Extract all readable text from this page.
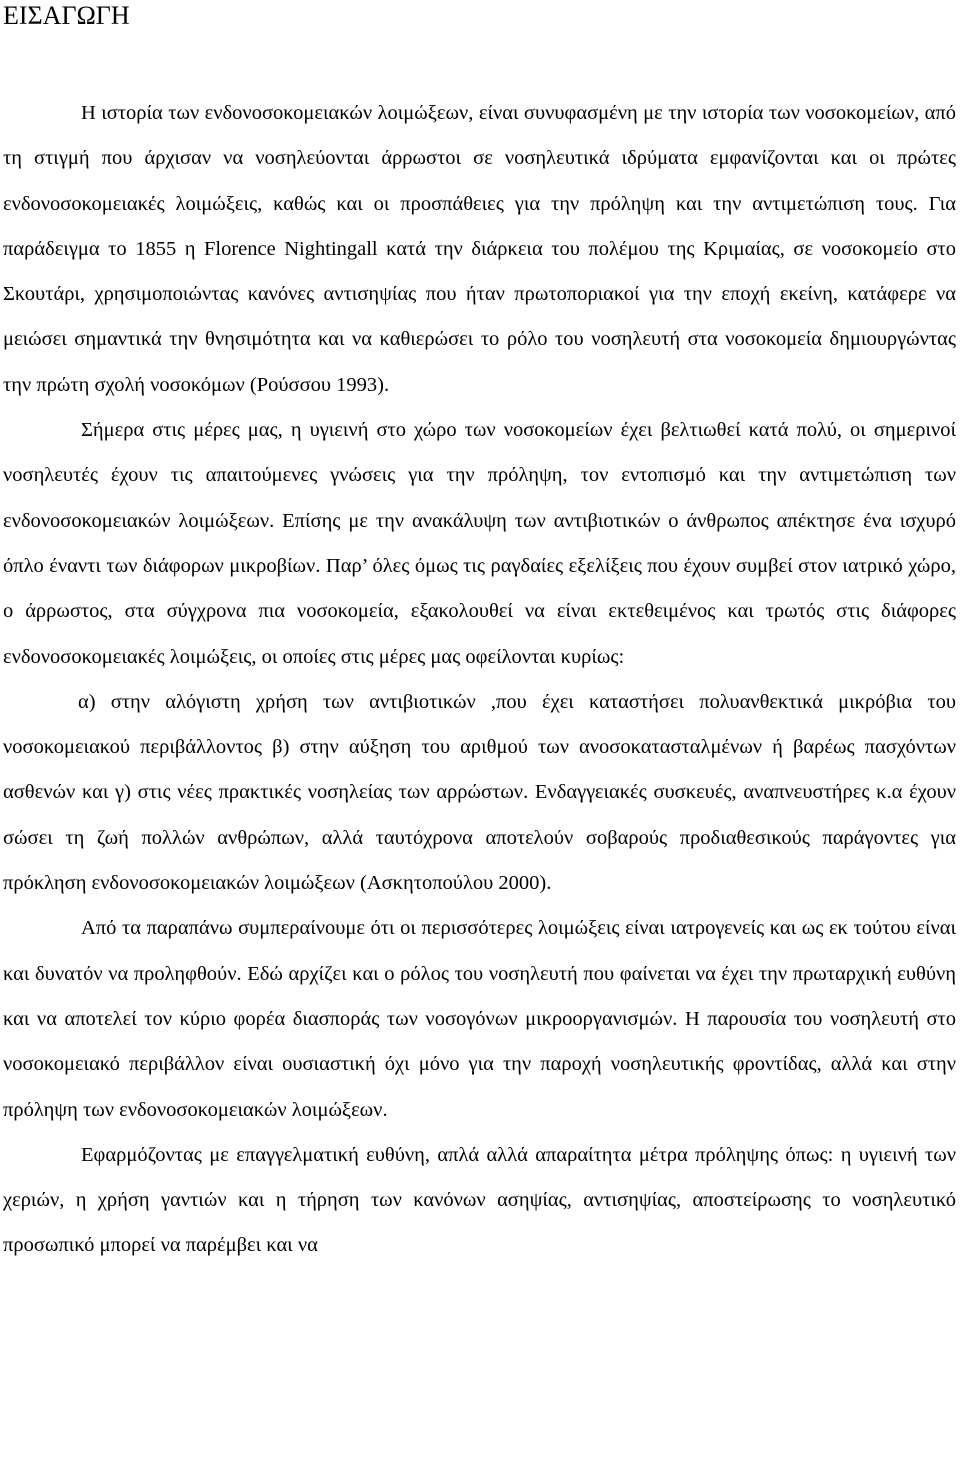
ΕΙΣΑΓΩΓΗ

Η ιστορία των ενδονοσοκομειακών λοιμώξεων, είναι συνυφασμένη με την ιστορία των νοσοκομείων, από τη στιγμή που άρχισαν να νοσηλεύονται άρρωστοι σε νοσηλευτικά ιδρύματα εμφανίζονται και οι πρώτες ενδονοσοκομειακές λοιμώξεις, καθώς και οι προσπάθειες για την πρόληψη και την αντιμετώπιση τους. Για παράδειγμα το 1855 η Florence Nightingall κατά την διάρκεια του πολέμου της Κριμαίας, σε νοσοκομείο στο Σκουτάρι, χρησιμοποιώντας κανόνες αντισηψίας που ήταν πρωτοποριακοί για την εποχή εκείνη, κατάφερε να μειώσει σημαντικά την θνησιμότητα και να καθιερώσει το ρόλο του νοσηλευτή στα νοσοκομεία δημιουργώντας την πρώτη σχολή νοσοκόμων (Ρούσσου 1993).

Σήμερα στις μέρες μας, η υγιεινή στο χώρο των νοσοκομείων έχει βελτιωθεί κατά πολύ, οι σημερινοί νοσηλευτές έχουν τις απαιτούμενες γνώσεις για την πρόληψη, τον εντοπισμό και την αντιμετώπιση των ενδονοσοκομειακών λοιμώξεων. Επίσης με την ανακάλυψη των αντιβιοτικών ο άνθρωπος απέκτησε ένα ισχυρό όπλο έναντι των διάφορων μικροβίων. Παρ’ όλες όμως τις ραγδαίες εξελίξεις που έχουν συμβεί στον ιατρικό χώρο, ο άρρωστος, στα σύγχρονα πια νοσοκομεία, εξακολουθεί να είναι εκτεθειμένος και τρωτός στις διάφορες ενδονοσοκομειακές λοιμώξεις, οι οποίες στις μέρες μας οφείλονται κυρίως:

α) στην αλόγιστη χρήση των αντιβιοτικών ,που έχει καταστήσει πολυανθεκτικά μικρόβια του νοσοκομειακού περιβάλλοντος β) στην αύξηση του αριθμού των ανοσοκατασταλμένων ή βαρέως πασχόντων ασθενών και γ) στις νέες πρακτικές νοσηλείας των αρρώστων. Ενδαγγειακές συσκευές, αναπνευστήρες κ.α έχουν σώσει τη ζωή πολλών ανθρώπων, αλλά ταυτόχρονα αποτελούν σοβαρούς προδιαθεσικούς παράγοντες για πρόκληση ενδονοσοκομειακών λοιμώξεων (Ασκητοπούλου 2000).

Από τα παραπάνω συμπεραίνουμε ότι οι περισσότερες λοιμώξεις είναι ιατρογενείς και ως εκ τούτου είναι και δυνατόν να προληφθούν. Εδώ αρχίζει και ο ρόλος του νοσηλευτή που φαίνεται να έχει την πρωταρχική ευθύνη και να αποτελεί τον κύριο φορέα διασποράς των νοσογόνων μικροοργανισμών. Η παρουσία του νοσηλευτή στο νοσοκομειακό περιβάλλον είναι ουσιαστική όχι μόνο για την παροχή νοσηλευτικής φροντίδας, αλλά και στην πρόληψη των ενδονοσοκομειακών λοιμώξεων.

Εφαρμόζοντας με επαγγελματική ευθύνη, απλά αλλά απαραίτητα μέτρα πρόληψης όπως: η υγιεινή των χεριών, η χρήση γαντιών και η τήρηση των κανόνων ασηψίας, αντισηψίας, αποστείρωσης το νοσηλευτικό προσωπικό μπορεί να παρέμβει και να
